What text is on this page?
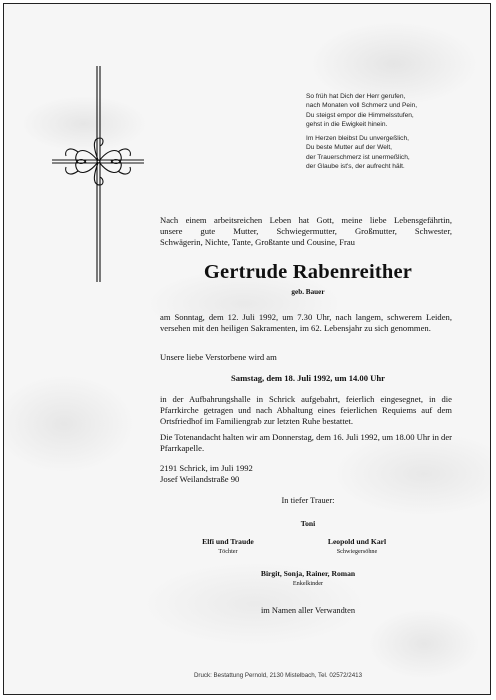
So früh hat Dich der Herr gerufen,
nach Monaten voll Schmerz und Pein,
Du steigst empor die Himmelsstufen,
gehst in die Ewigkeit hinein.
Im Herzen bleibst Du unvergeßlich,
Du beste Mutter auf der Welt,
der Trauerschmerz ist unermeßlich,
der Glaube ist's, der aufrecht hält.
Nach einem arbeitsreichen Leben hat Gott, meine liebe Lebensgefährtin,
unsere gute Mutter, Schwiegermutter, Großmutter, Schwester,
Schwägerin, Nichte, Tante, Großtante und Cousine, Frau
Gertrude Rabenreither
geb. Bauer
am Sonntag, dem 12. Juli 1992, um 7.30 Uhr, nach langem, schwerem Leiden, versehen mit den heiligen Sakramenten, im 62. Lebensjahr zu sich genommen.
Unsere liebe Verstorbene wird am
Samstag, dem 18. Juli 1992, um 14.00 Uhr
in der Aufbahrungshalle in Schrick aufgebahrt, feierlich eingesegnet, in die Pfarrkirche getragen und nach Abhaltung eines feierlichen Requiems auf dem Ortsfriedhof im Familiengrab zur letzten Ruhe bestattet.
Die Totenandacht halten wir am Donnerstag, dem 16. Juli 1992, um 18.00 Uhr in der Pfarrkapelle.
2191 Schrick, im Juli 1992
Josef Weilandstraße 90
In tiefer Trauer:
Toni
Elfi und Traude
Töchter
Leopold und Karl
Schwiegersöhne
Birgit, Sonja, Rainer, Roman
Enkelkinder
im Namen aller Verwandten
Druck: Bestattung Pernold, 2130 Mistelbach, Tel. 02572/2413
